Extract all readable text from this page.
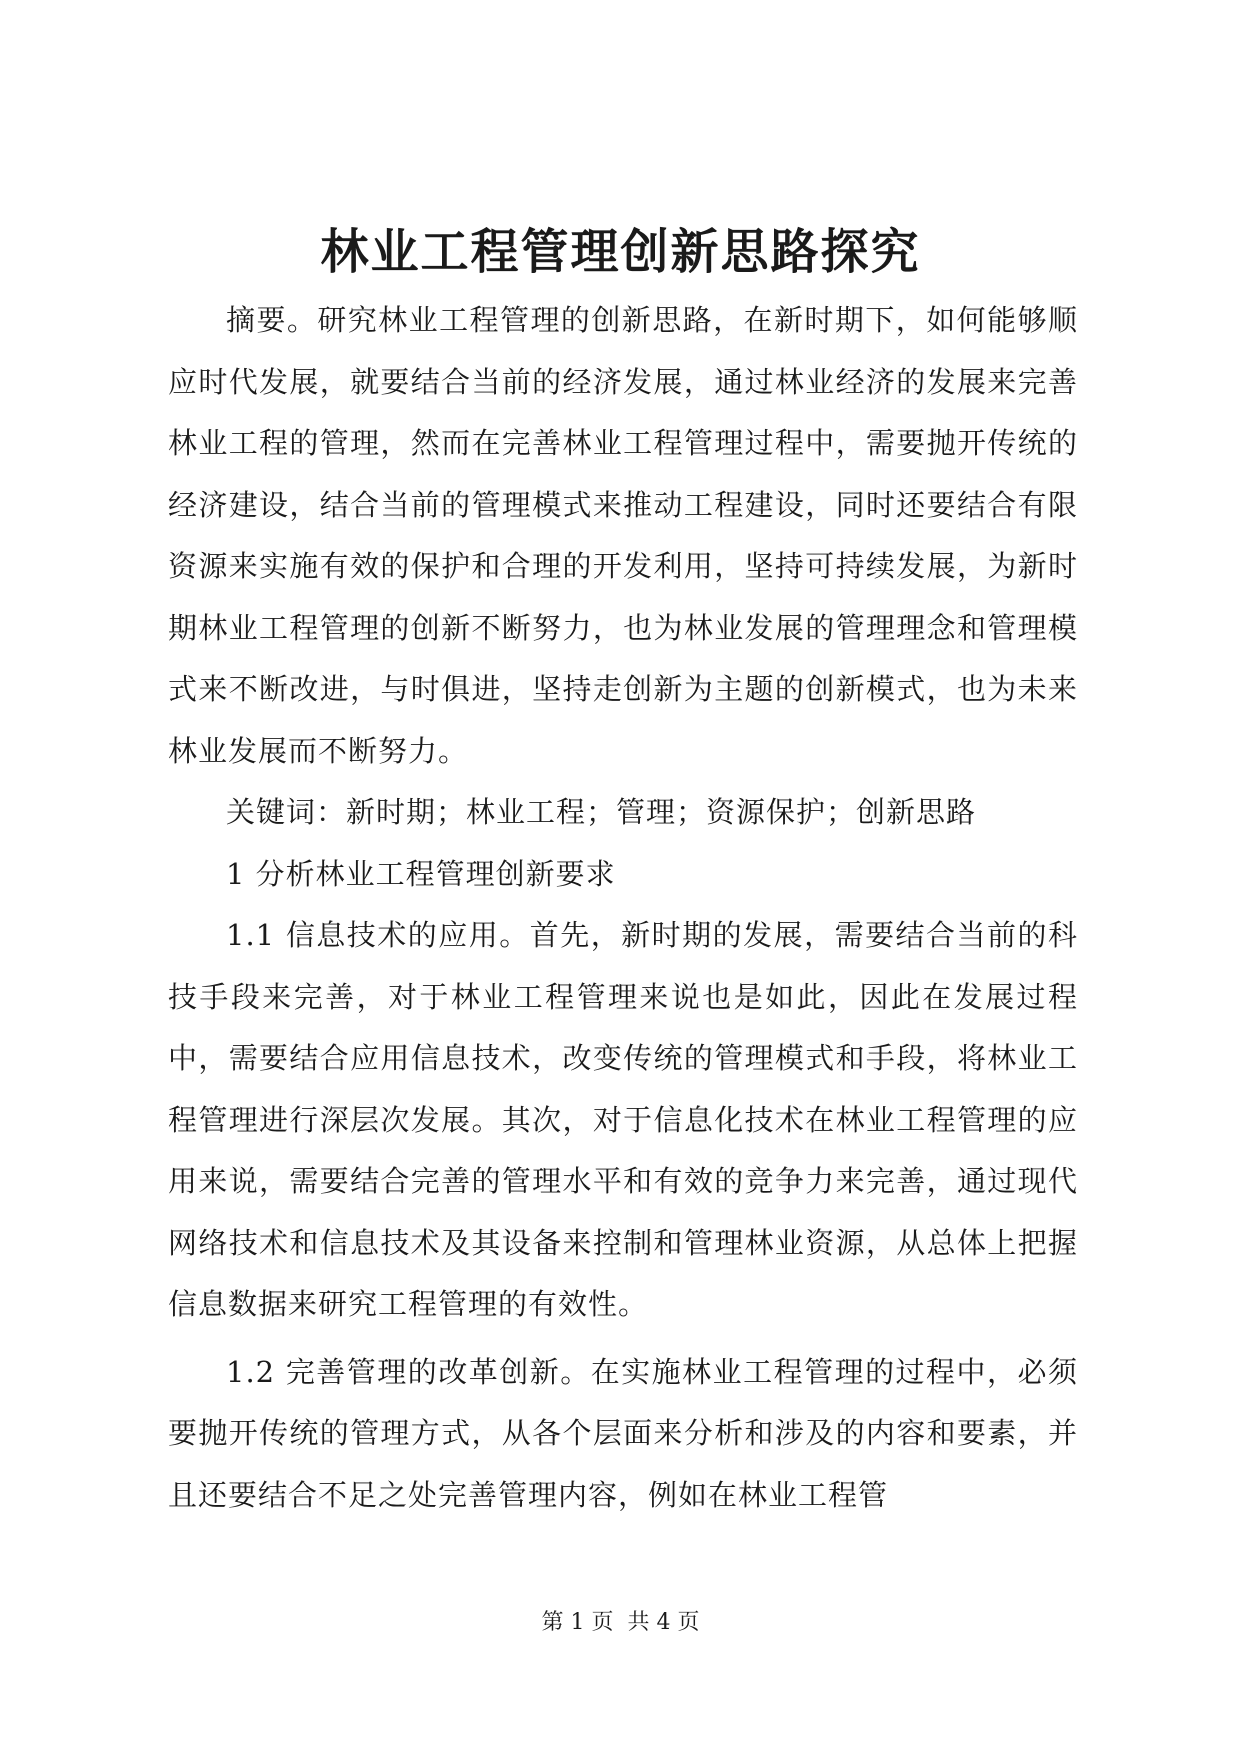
林业工程管理创新思路探究

摘要。研究林业工程管理的创新思路，在新时期下，如何能够顺应时代发展，就要结合当前的经济发展，通过林业经济的发展来完善林业工程的管理，然而在完善林业工程管理过程中，需要抛开传统的经济建设，结合当前的管理模式来推动工程建设，同时还要结合有限资源来实施有效的保护和合理的开发利用，坚持可持续发展，为新时期林业工程管理的创新不断努力，也为林业发展的管理理念和管理模式来不断改进，与时俱进，坚持走创新为主题的创新模式，也为未来林业发展而不断努力。

关键词：新时期；林业工程；管理；资源保护；创新思路

1 分析林业工程管理创新要求

1.1 信息技术的应用。首先，新时期的发展，需要结合当前的科技手段来完善，对于林业工程管理来说也是如此，因此在发展过程中，需要结合应用信息技术，改变传统的管理模式和手段，将林业工程管理进行深层次发展。其次，对于信息化技术在林业工程管理的应用来说，需要结合完善的管理水平和有效的竞争力来完善，通过现代网络技术和信息技术及其设备来控制和管理林业资源，从总体上把握信息数据来研究工程管理的有效性。

1.2 完善管理的改革创新。在实施林业工程管理的过程中，必须要抛开传统的管理方式，从各个层面来分析和涉及的内容和要素，并且还要结合不足之处完善管理内容，例如在林业工程管

第 1 页  共 4 页
